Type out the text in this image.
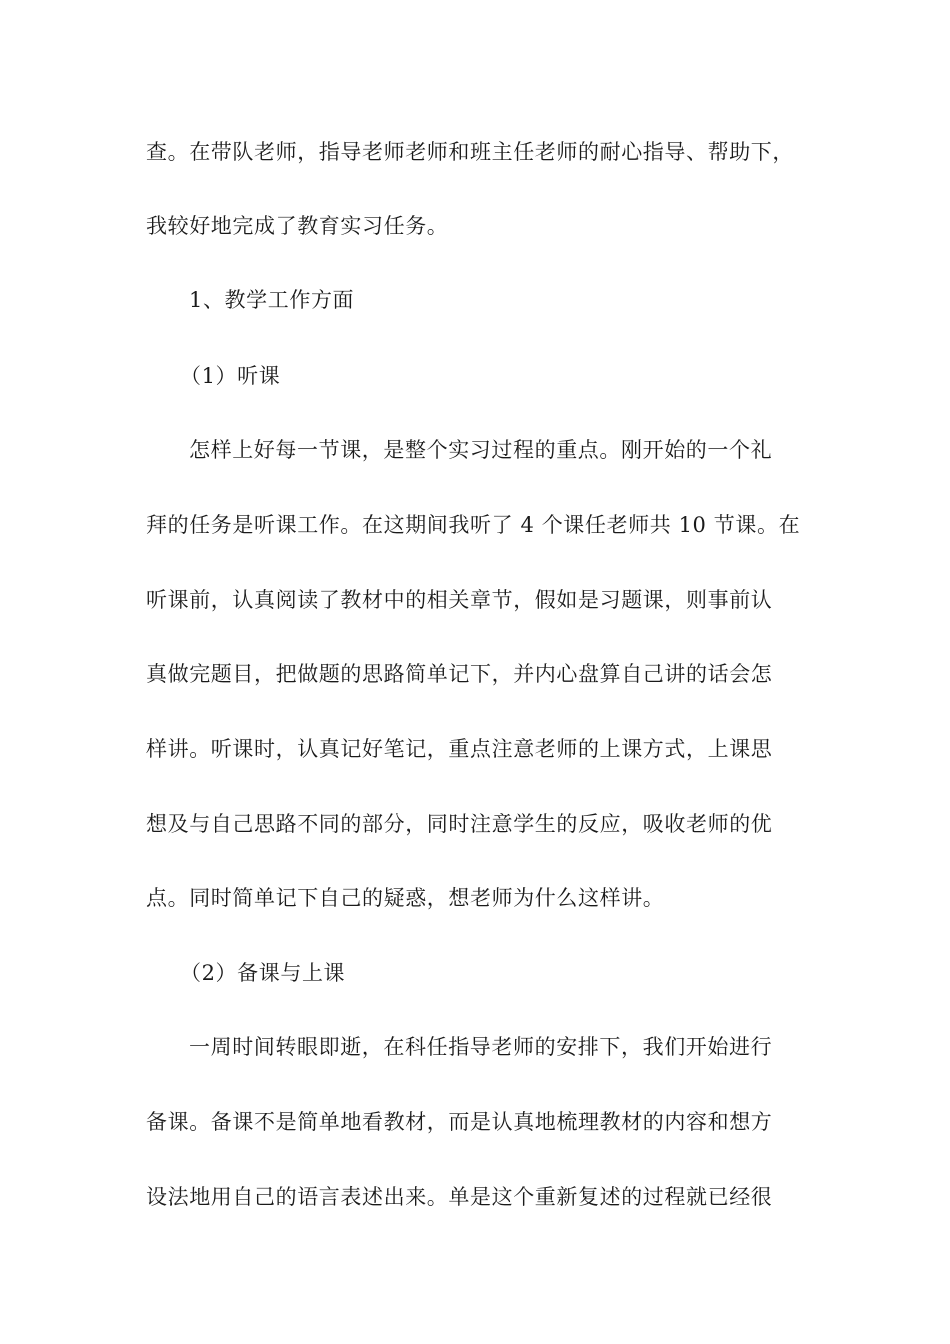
查。在带队老师，指导老师老师和班主任老师的耐心指导、帮助下，
我较好地完成了教育实习任务。
1、教学工作方面
（1）听课
怎样上好每一节课，是整个实习过程的重点。刚开始的一个礼
拜的任务是听课工作。在这期间我听了 4 个课任老师共 10 节课。在
听课前，认真阅读了教材中的相关章节，假如是习题课，则事前认
真做完题目，把做题的思路简单记下，并内心盘算自己讲的话会怎
样讲。听课时，认真记好笔记，重点注意老师的上课方式，上课思
想及与自己思路不同的部分，同时注意学生的反应，吸收老师的优
点。同时简单记下自己的疑惑，想老师为什么这样讲。
（2）备课与上课
一周时间转眼即逝，在科任指导老师的安排下，我们开始进行
备课。备课不是简单地看教材，而是认真地梳理教材的内容和想方
设法地用自己的语言表述出来。单是这个重新复述的过程就已经很
